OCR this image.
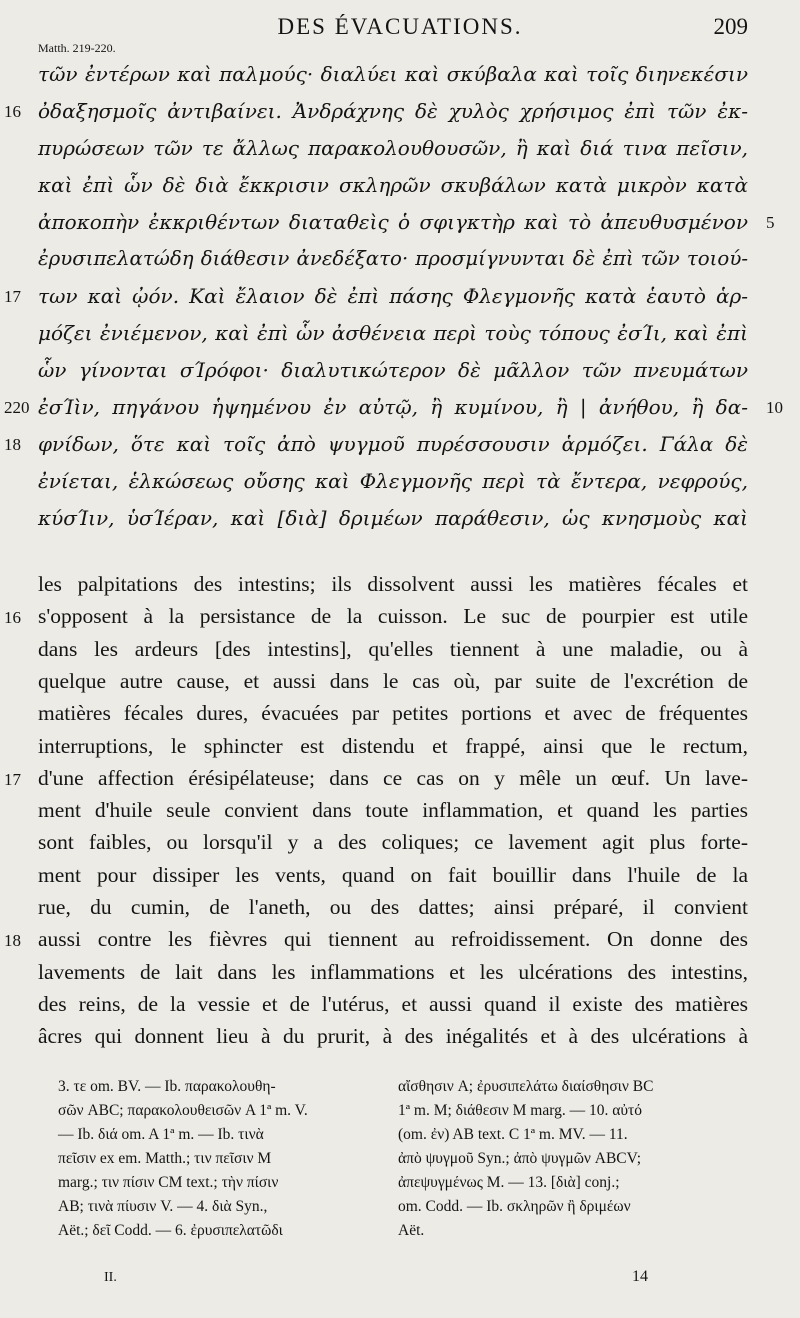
DES ÉVACUATIONS.	209
Matth. 219-220.
τῶν ἐντέρων καὶ παλμούς· διαλύει καὶ σκύβαλα καὶ τοῖς διηνεκέσιν
ὀδαξησμοῖς ἀντιβαίνει. Ἀνδράχνης δὲ χυλὸς χρήσιμος ἐπὶ τῶν ἐκ-
πυρώσεων τῶν τε ἄλλως παρακολουθουσῶν, ἢ καὶ διά τινα πεῖσιν,
καὶ ἐπὶ ὧν δὲ διὰ ἔκκρισιν σκληρῶν σκυβάλων κατὰ μικρὸν κατὰ
ἀποκοπὴν ἐκκριθέντων διαταθεὶς ὁ σφιγκτὴρ καὶ τὸ ἀπευθυσμένον
ἐρυσιπελατώδη διάθεσιν ἀνεδέξατο· προσμίγνυνται δὲ ἐπὶ τῶν τοιού-
των καὶ ᾠόν. Καὶ ἔλαιον δὲ ἐπὶ πάσης Φλεγμονῆς κατὰ ἑαυτὸ ἁρ-
μόζει ἐνιέμενον, καὶ ἐπὶ ὧν ἀσθένεια περὶ τοὺς τόπους ἐσΊι, καὶ ἐπὶ
ὧν γίνονται σΊρόφοι· διαλυτικώτερον δὲ μᾶλλον τῶν πνευμάτων
ἐσΊὶν, πηγάνου ἡψημένου ἐν αὐτῷ, ἢ κυμίνου, ἢ | ἀνήθου, ἢ δα-
φνίδων, ὅτε καὶ τοῖς ἀπὸ ψυγμοῦ πυρέσσουσιν ἁρμόζει. Γάλα δὲ
ἐνίεται, ἑλκώσεως οὔσης καὶ Φλεγμονῆς περὶ τὰ ἔντερα, νεφρούς,
κύσΊιν, ὑσΊέραν, καὶ [διὰ] δριμέων παράθεσιν, ὡς κνησμοὺς καὶ
16
17
220
18
5
10
les palpitations des intestins; ils dissolvent aussi les matières fécales et
s'opposent à la persistance de la cuisson. Le suc de pourpier est utile
dans les ardeurs [des intestins], qu'elles tiennent à une maladie, ou à
quelque autre cause, et aussi dans le cas où, par suite de l'excrétion de
matières fécales dures, évacuées par petites portions et avec de fréquentes
interruptions, le sphincter est distendu et frappé, ainsi que le rectum,
d'une affection érésipélateuse; dans ce cas on y mêle un œuf. Un lave-
ment d'huile seule convient dans toute inflammation, et quand les parties
sont faibles, ou lorsqu'il y a des coliques; ce lavement agit plus forte-
ment pour dissiper les vents, quand on fait bouillir dans l'huile de la
rue, du cumin, de l'aneth, ou des dattes; ainsi préparé, il convient
aussi contre les fièvres qui tiennent au refroidissement. On donne des
lavements de lait dans les inflammations et les ulcérations des intestins,
des reins, de la vessie et de l'utérus, et aussi quand il existe des matières
âcres qui donnent lieu à du prurit, à des inégalités et à des ulcérations à
16
17
18
3. τε om. BV. — Ib. παρακολουθη-
σῶν ABC; παρακολουθεισῶν A 1ª m. V.
— Ib. διά om. A 1ª m. — Ib. τινὰ
πεῖσιν ex em. Matth.; τιν πεῖσιν M
marg.; τιν πίσιν CM text.; τὴν πίσιν
AB; τινὰ πίυσιν V. — 4. διὰ Syn.,
Aët.; δεῖ Codd. — 6. ἐρυσιπελατῶδι
αἴσθησιν A; ἐρυσιπελάτω διαίσθησιν BC
1ª m. M; διάθεσιν M marg. — 10. αὐτό
(om. ἐν) AB text. C 1ª m. MV. — 11.
ἀπὸ ψυγμοῦ Syn.; ἀπὸ ψυγμῶν ABCV;
ἀπεψυγμένως M. — 13. [διὰ] conj.;
om. Codd. — Ib. σκληρῶν ἢ δριμέων
Aët.
II.	14
